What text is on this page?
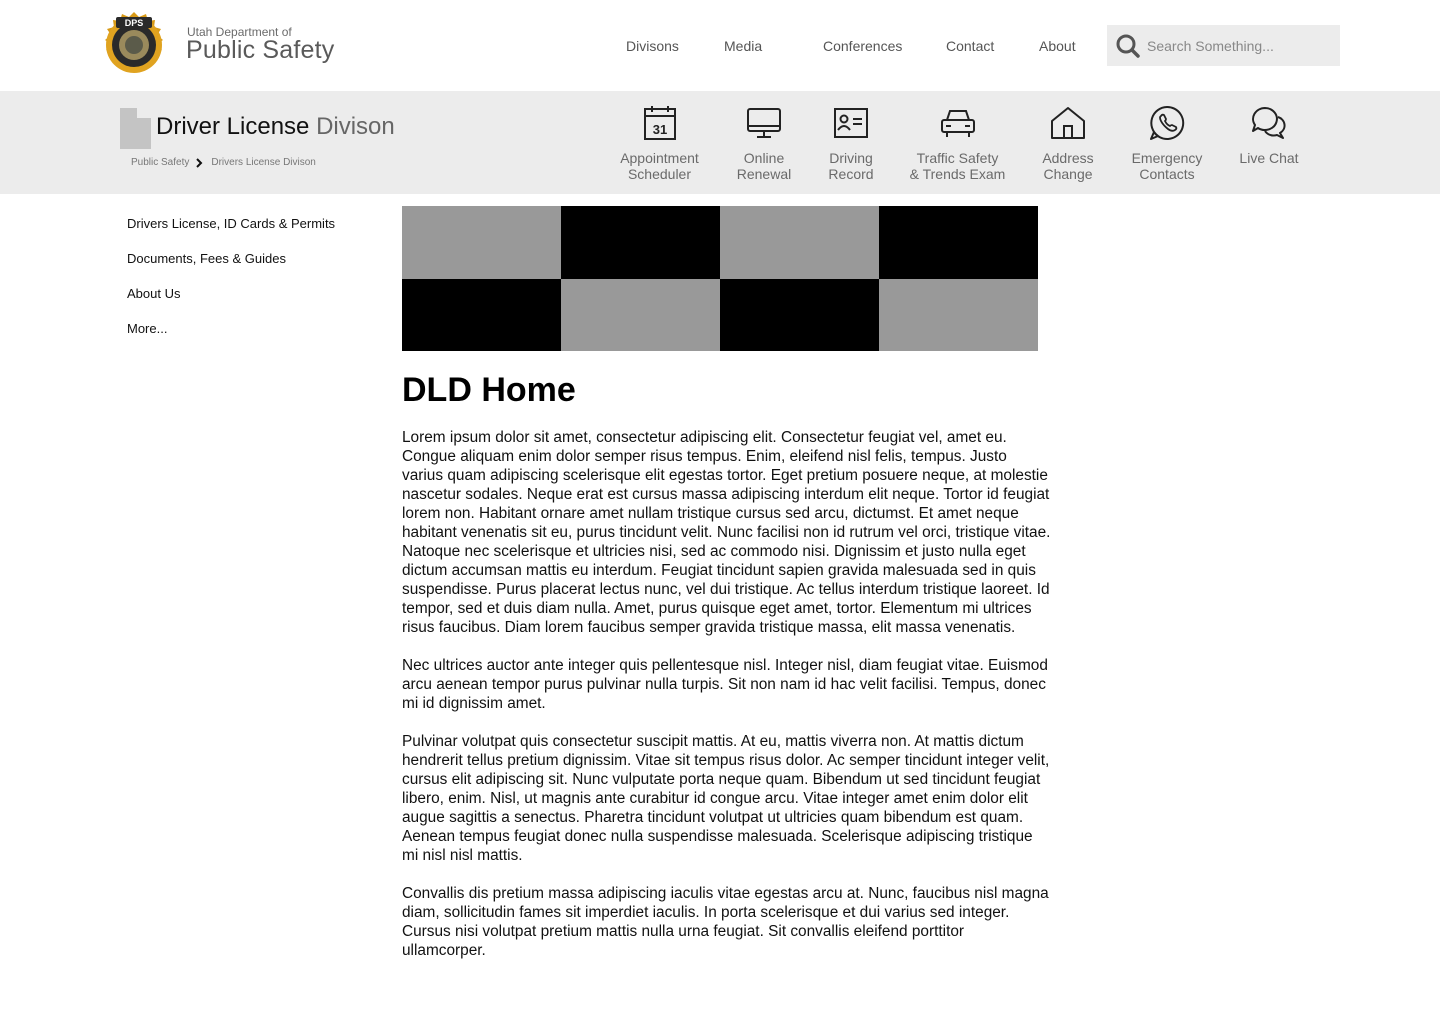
DPS
Utah Department of
Public Safety	Divisons	Media	Conferences	Contact	About
Search Something...
Driver License Divison
Public Safety Drivers License Divison
31
Appointment
Scheduler
Online
Renewal
Driving
Record
Traffic Safety
& Trends Exam
Address
Change
Emergency
Contacts
Live Chat
Drivers License, ID Cards & Permits
Documents, Fees & Guides
About Us
More...
DLD Home

Lorem ipsum dolor sit amet, consectetur adipiscing elit. Consectetur feugiat vel, amet eu. Congue aliquam enim dolor semper risus tempus. Enim, eleifend nisl felis, tempus. Justo varius quam adipiscing scelerisque elit egestas tortor. Eget pretium posuere neque, at molestie nascetur sodales. Neque erat est cursus massa adipiscing interdum elit neque. Tortor id feugiat lorem non. Habitant ornare amet nullam tristique cursus sed arcu, dictumst. Et amet neque habitant venenatis sit eu, purus tincidunt velit. Nunc facilisi non id rutrum vel orci, tristique vitae. Natoque nec scelerisque et ultricies nisi, sed ac commodo nisi. Dignissim et justo nulla eget dictum accumsan mattis eu interdum. Feugiat tincidunt sapien gravida malesuada sed in quis suspendisse. Purus placerat lectus nunc, vel dui tristique. Ac tellus interdum tristique laoreet. Id tempor, sed et duis diam nulla. Amet, purus quisque eget amet, tortor. Elementum mi ultrices risus faucibus. Diam lorem faucibus semper gravida tristique massa, elit massa venenatis.

Nec ultrices auctor ante integer quis pellentesque nisl. Integer nisl, diam feugiat vitae. Euismod arcu aenean tempor purus pulvinar nulla turpis. Sit non nam id hac velit facilisi. Tempus, donec mi id dignissim amet.

Pulvinar volutpat quis consectetur suscipit mattis. At eu, mattis viverra non. At mattis dictum hendrerit tellus pretium dignissim. Vitae sit tempus risus dolor. Ac semper tincidunt integer velit, cursus elit adipiscing sit. Nunc vulputate porta neque quam. Bibendum ut sed tincidunt feugiat libero, enim. Nisl, ut magnis ante curabitur id congue arcu. Vitae integer amet enim dolor elit augue sagittis a senectus. Pharetra tincidunt volutpat ut ultricies quam bibendum est quam. Aenean tempus feugiat donec nulla suspendisse malesuada. Scelerisque adipiscing tristique mi nisl nisl mattis.

Convallis dis pretium massa adipiscing iaculis vitae egestas arcu at. Nunc, faucibus nisl magna diam, sollicitudin fames sit imperdiet iaculis. In porta scelerisque et dui varius sed integer. Cursus nisi volutpat pretium mattis nulla urna feugiat. Sit convallis eleifend porttitor ullamcorper.
